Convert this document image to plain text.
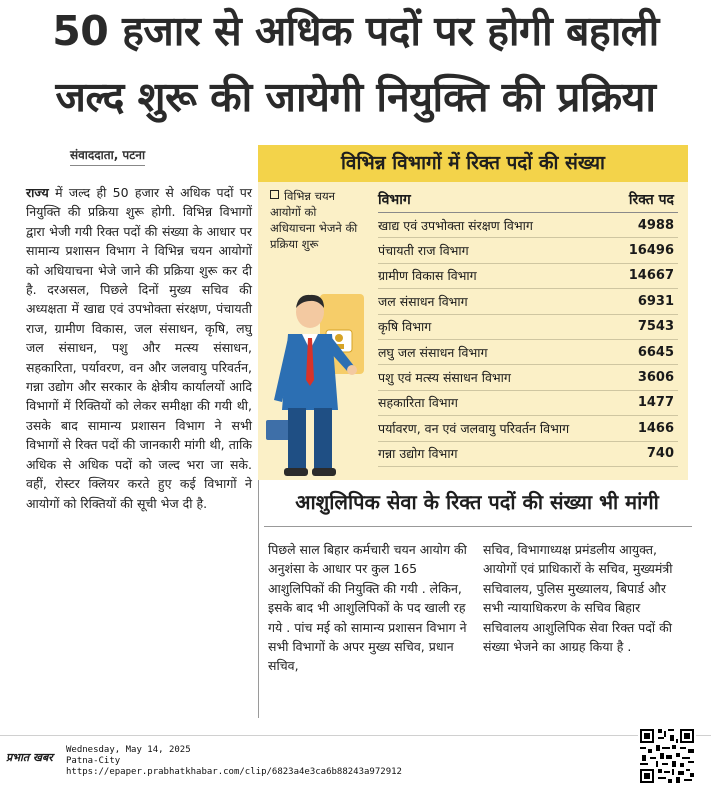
50 हजार से अधिक पदों पर होगी बहाली
जल्द शुरू की जायेगी नियुक्ति की प्रक्रिया
संवाददाता, पटना
राज्य में जल्द ही 50 हजार से अधिक पदों पर नियुक्ति की प्रक्रिया शुरू होगी. विभिन्न विभागों द्वारा भेजी गयी रिक्त पदों की संख्या के आधार पर सामान्य प्रशासन विभाग ने विभिन्न चयन आयोगों को अधियाचना भेजे जाने की प्रक्रिया शुरू कर दी है. दरअसल, पिछले दिनों मुख्य सचिव की अध्यक्षता में खाद्य एवं उपभोक्ता संरक्षण, पंचायती राज, ग्रामीण विकास, जल संसाधन, कृषि, लघु जल संसाधन, पशु और मत्स्य संसाधन, सहकारिता, पर्यावरण, वन और जलवायु परिवर्तन, गन्ना उद्योग और सरकार के क्षेत्रीय कार्यालयों आदि विभागों में रिक्तियों को लेकर समीक्षा की गयी थी, उसके बाद सामान्य प्रशासन विभाग ने सभी विभागों से रिक्त पदों की जानकारी मांगी थी, ताकि अधिक से अधिक पदों को जल्द भरा जा सके. वहीं, रोस्टर क्लियर करते हुए कई विभागों ने आयोगों को रिक्तियों की सूची भेज दी है.
विभिन्न विभागों में रिक्त पदों की संख्या
विभिन्न चयन आयोगों को अधियाचना भेजने की प्रक्रिया शुरू
विभाग	रिक्त पद
खाद्य एवं उपभोक्ता संरक्षण विभाग	4988
पंचायती राज विभाग	16496
ग्रामीण विकास विभाग	14667
जल संसाधन विभाग	6931
कृषि विभाग	7543
लघु जल संसाधन विभाग	6645
पशु एवं मत्स्य संसाधन विभाग	3606
सहकारिता विभाग	1477
पर्यावरण, वन एवं जलवायु परिवर्तन विभाग	1466
गन्ना उद्योग विभाग	740
आशुलिपिक सेवा के रिक्त पदों की संख्या भी मांगी
पिछले साल बिहार कर्मचारी चयन आयोग की अनुशंसा के आधार पर कुल 165 आशुलिपिकों की नियुक्ति की गयी . लेकिन, इसके बाद भी आशुलिपिकों के पद खाली रह गये . पांच मई को सामान्य प्रशासन विभाग ने सभी विभागों के अपर मुख्य सचिव, प्रधान सचिव,
सचिव, विभागाध्यक्ष प्रमंडलीय आयुक्त, आयोगों एवं प्राधिकारों के सचिव, मुख्यमंत्री सचिवालय, पुलिस मुख्यालय, बिपार्ड और सभी न्यायाधिकरण के सचिव बिहार सचिवालय आशुलिपिक सेवा रिक्त पदों की संख्या भेजने का आग्रह किया है .
प्रभात खबर
Wednesday, May 14, 2025
Patna-City
https://epaper.prabhatkhabar.com/clip/6823a4e3ca6b88243a972912
